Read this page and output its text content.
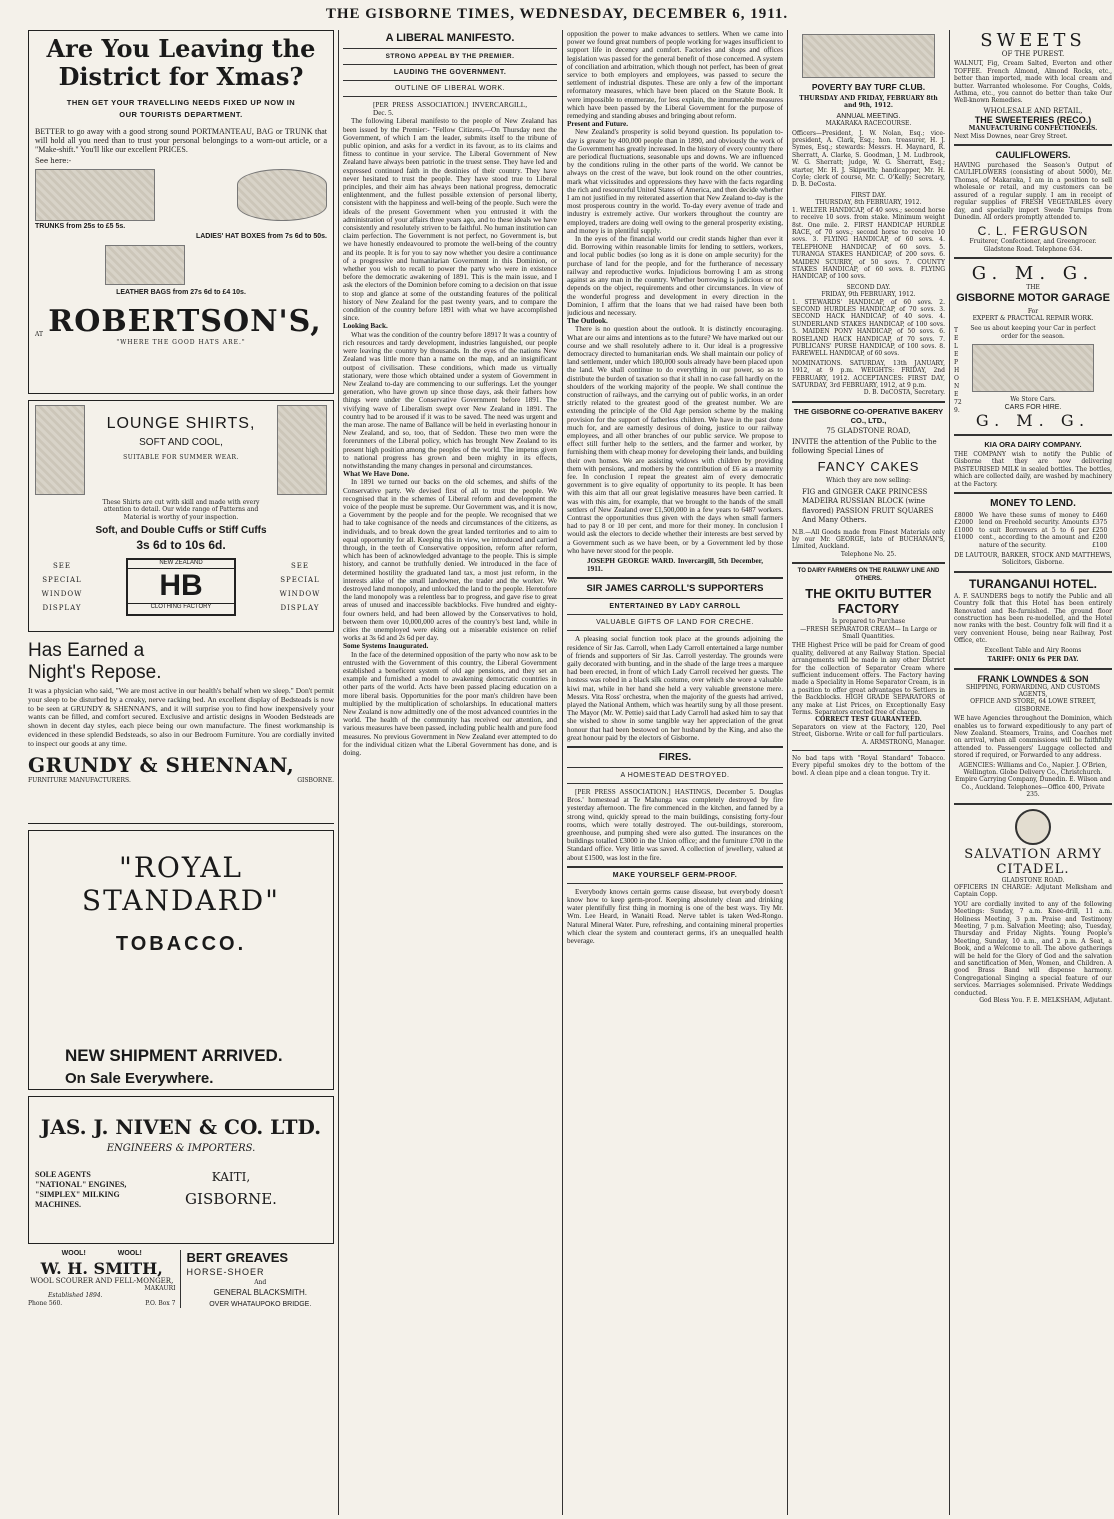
THE GISBORNE TIMES, WEDNESDAY, DECEMBER 6, 1911.
Are You Leaving the District for Xmas?
THEN GET YOUR TRAVELLING NEEDS FIXED UP NOW IN OUR TOURISTS DEPARTMENT.
BETTER to go away with a good strong sound PORTMANTEAU, BAG or TRUNK that will hold all you need than to trust your personal belongings to a worn-out article, or a "Make-shift." You'll like our excellent PRICES.
See here:-
TRUNKS from 25s to £5 5s.
LADIES' HAT BOXES from 7s 6d to 50s.
LEATHER BAGS from 27s 6d to £4 10s.
AT ROBERTSON'S,
"WHERE THE GOOD HATS ARE."
LOUNGE SHIRTS,
SOFT AND COOL,
SUITABLE FOR SUMMER WEAR.
These Shirts are cut with skill and made with every attention to detail. Our wide range of Patterns and Material is worthy of your inspection.
Soft, and Double Cuffs or Stiff Cuffs
3s 6d to 10s 6d.
SEE SPECIAL WINDOW DISPLAY
NEW ZEALAND
HB
CLOTHING FACTORY
SEE SPECIAL WINDOW DISPLAY
Has Earned a Night's Repose.
It was a physician who said, "We are most active in our health's behalf when we sleep." Don't permit your sleep to be disturbed by a creaky, nerve racking bed. An excellent display of Bedsteads is now to be seen at GRUNDY & SHENNAN'S, and it will surprise you to find how inexpensively your wants can be filled, and comfort secured. Exclusive and artistic designs in Wooden Bedsteads are shown in decent day styles, each piece being our own manufacture. The finest workmanship is evidenced in these splendid Bedsteads, so also in our Bedroom Furniture. You are cordially invited to inspect our goods at any time.
GRUNDY & SHENNAN,
FURNITURE MANUFACTURERS.	GISBORNE.
"ROYAL STANDARD"
TOBACCO.
NEW SHIPMENT ARRIVED.
On Sale Everywhere.
JAS. J. NIVEN & CO. LTD.
ENGINEERS & IMPORTERS.
SOLE AGENTS "NATIONAL" ENGINES, "SIMPLEX" MILKING MACHINES.
KAITI,
GISBORNE.
WOOL! WOOL!
W. H. SMITH,
WOOL SCOURER AND FELL-MONGER,
MAKAURI
Established 1894.
Phone 560.	P.O. Box 7
BERT GREAVES
HORSE-SHOER
And
GENERAL BLACKSMITH.
OVER WHATAUPOKO BRIDGE.
A LIBERAL MANIFESTO.
STRONG APPEAL BY THE PREMIER.
LAUDING THE GOVERNMENT.
OUTLINE OF LIBERAL WORK.
[PER PRESS ASSOCIATION.] INVERCARGILL, Dec. 5.
The following Liberal manifesto to the people of New Zealand has been issued by the Premier:- "Fellow Citizens,—On Thursday next the Government, of which I am the leader, submits itself to the tribune of public opinion, and asks for a verdict in its favour, as to its claims and fitness to continue in your service. The Liberal Government of New Zealand have always been patriotic in the truest sense. They have led and expressed continued faith in the destinies of their country. They have never hesitated to trust the people. They have stood true to Liberal principles, and their aim has always been national progress, democratic enlightenment, and the fullest possible extension of personal liberty, consistent with the happiness and well-being of the people. Such were the ideals of the present Government when you entrusted it with the administration of your affairs three years ago, and to these ideals we have consistently and resolutely striven to be faithful. No human institution can claim perfection. The Government is not perfect, no Government is, but we have honestly endeavoured to promote the well-being of the country and its people. It is for you to say now whether you desire a continuance of a progressive and humanitarian Government in this Dominion, or whether you wish to recall to power the party who were in existence before the democratic awakening of 1891. This is the main issue, and I ask the electors of the Dominion before coming to a decision on that issue to stop and glance at some of the outstanding features of the political history of New Zealand for the past twenty years, and to compare the condition of the country before 1891 with what we have accomplished since.
Looking Back.
What was the condition of the country before 1891? It was a country of rich resources and tardy development, industries languished, our people were leaving the country by thousands. In the eyes of the nations New Zealand was little more than a name on the map, and an insignificant outpost of civilisation. These conditions, which made us virtually stationary, were those which obtained under a system of Government in New Zealand to-day are commencing to our sufferings. Let the younger generation, who have grown up since those days, ask their fathers how things were under the Conservative Government before 1891. The vivifying wave of Liberalism swept over New Zealand in 1891. The country had to be aroused if it was to be saved. The need was urgent and the man arose. The name of Ballance will be held in everlasting honour in New Zealand, and so, too, that of Seddon. These two men were the forerunners of the Liberal policy, which has brought New Zealand to its present high position among the peoples of the world. The impetus given to national progress has grown and been mighty in its effects, notwithstanding the many changes in personal and circumstances.
What We Have Done.
In 1891 we turned our backs on the old schemes, and shifts of the Conservative party. We devised first of all to trust the people. We recognised that in the schemes of Liberal reform and development the voice of the people must be supreme. Our Government was, and it is now, a Government by the people and for the people. We recognised that we had to take cognisance of the needs and circumstances of the citizens, as individuals, and to break down the great landed territories and to aim to equal opportunity for all. Keeping this in view, we introduced and carried through, in the teeth of Conservative opposition, reform after reform, which has been of acknowledged advantage to the people. This is simple history, and cannot be truthfully denied. We introduced in the face of determined hostility the graduated land tax, a most just reform, in the interests alike of the small landowner, the trader and the worker. We destroyed land monopoly, and unlocked the land to the people. Heretofore the land monopoly was a relentless bar to progress, and gave rise to great areas of unused and inaccessible backblocks. Five hundred and eighty-four owners held, and had been allowed by the Conservatives to hold, between them over 10,000,000 acres of the country's best land, while in cities the unemployed were eking out a miserable existence on relief works at 3s 6d and 2s 6d per day.
Some Systems Inaugurated.
In the face of the determined opposition of the party who now ask to be entrusted with the Government of this country, the Liberal Government established a beneficent system of old age pensions, and they set an example and furnished a model to awakening democratic countries in other parts of the world. Acts have been passed placing education on a more liberal basis. Opportunities for the poor man's children have been multiplied by the multiplication of scholarships. In educational matters New Zealand is now admittedly one of the most advanced countries in the world. The health of the community has received our attention, and various measures have been passed, including public health and pure food measures. No previous Government in New Zealand ever attempted to do for the individual citizen what the Liberal Government has done, and is doing.
opposition the power to make advances to settlers. When we came into power we found great numbers of people working for wages insufficient to support life in decency and comfort. Factories and shops and offices legislation was passed for the general benefit of those concerned. A system of conciliation and arbitration, which though not perfect, has been of great service to both employers and employees, was passed to secure the settlement of industrial disputes. These are only a few of the important reformatory measures, which have been placed on the Statute Book. It were impossible to enumerate, for less explain, the innumerable measures which have been passed by the Liberal Government for the purpose of remedying and standing abuses and bringing about reform.
Present and Future.
New Zealand's prosperity is solid beyond question. Its population to-day is greater by 400,000 people than in 1890, and obviously the work of the Government has greatly increased. In the history of every country there are periodical fluctuations, seasonable ups and downs. We are influenced by the conditions ruling in the other parts of the world. We cannot be always on the crest of the wave, but look round on the other countries, mark what vicissitudes and oppressions they have with the facts regarding the rich and resourceful United States of America, and then decide whether I am not justified in my reiterated assertion that New Zealand to-day is the most prosperous country in the world. To-day every avenue of trade and industry is extremely active. Our workers throughout the country are employed, traders are doing well owing to the general prosperity existing, and money is in plentiful supply.
In the eyes of the financial world our credit stands higher than ever it did. Borrowing within reasonable limits for lending to settlers, workers, and local public bodies (so long as it is done on ample security) for the purchase of land for the people, and for the furtherance of necessary railway and reproductive works. Injudicious borrowing I am as strong against as any man in the country. Whether borrowing is judicious or not depends on the object, requirements and other circumstances. In view of the wonderful progress and development in every direction in the Dominion, I affirm that the loans that we had raised have been both judicious and necessary.
The Outlook.
There is no question about the outlook. It is distinctly encouraging. What are our aims and intentions as to the future? We have marked out our course and we shall resolutely adhere to it. Our ideal is a progressive democracy directed to humanitarian ends. We shall maintain our policy of land settlement, under which 180,000 souls already have been placed upon the land. We shall continue to do everything in our power, so as to distribute the burden of taxation so that it shall in no case fall hardly on the shoulders of the working majority of the people. We shall continue the construction of railways, and the carrying out of public works, in an order strictly related to the greatest good of the greatest number. We are extending the principle of the Old Age pension scheme by the making provision for the support of fatherless children. We have in the past done much for, and are earnestly desirous of doing, justice to our railway employees, and all other branches of our public service. We propose to effect still further help to the settlers, and the farmer and worker, by furnishing them with cheap money for developing their lands, and building their own homes. We are assisting widows with children by providing them with pensions, and mothers by the contribution of £6 as a maternity fee. In conclusion I repeat the greatest aim of every democratic government is to give equality of opportunity to its people. It has been with this aim that all our great legislative measures have been carried. It was with this aim, for example, that we brought to the hands of the small settlers of New Zealand over £1,500,000 in a few years to 6487 workers. Contrast the opportunities thus given with the days when small farmers had to pay 8 or 10 per cent, and more for their money. In conclusion I would ask the electors to decide whether their interests are best served by a Government such as we have been, or by a Government led by those who have never stood for the people.
JOSEPH GEORGE WARD. Invercargill, 5th December, 1911.
SIR JAMES CARROLL'S SUPPORTERS
ENTERTAINED BY LADY CARROLL
VALUABLE GIFTS OF LAND FOR CRECHE.
A pleasing social function took place at the grounds adjoining the residence of Sir Jas. Carroll, when Lady Carroll entertained a large number of friends and supporters of Sir Jas. Carroll yesterday. The grounds were gaily decorated with bunting, and in the shade of the large trees a marquee had been erected, in front of which Lady Carroll received her guests. The hostess was robed in a black silk costume, over which she wore a valuable kiwi mat, while in her hand she held a very valuable greenstone mere. Messrs. Vita Ross' orchestra, when the majority of the guests had arrived, played the National Anthem, which was heartily sung by all those present. The Mayor (Mr. W. Pettie) said that Lady Carroll had asked him to say that she wished to show in some tangible way her appreciation of the great honour that had been bestowed on her husband by the King, and also the great honour paid by the electors of Gisborne.
FIRES.
A HOMESTEAD DESTROYED.
[PER PRESS ASSOCIATION.] HASTINGS, December 5. Douglas Bros.' homestead at Te Mahunga was completely destroyed by fire yesterday afternoon. The fire commenced in the kitchen, and fanned by a strong wind, quickly spread to the main buildings, consisting forty-four rooms, which were totally destroyed. The out-buildings, storeroom, greenhouse, and pumping shed were also gutted. The insurances on the buildings totalled £3000 in the Union office; and the furniture £700 in the Standard office. Very little was saved. A collection of jewellery, valued at about £1500, was lost in the fire.
MAKE YOURSELF GERM-PROOF.
Everybody knows certain germs cause disease, but everybody doesn't know how to keep germ-proof. Keeping absolutely clean and drinking water plentifully first thing in morning is one of the best ways. Try Mr. Wm. Lee Heard, in Wanaiti Road. Nerve tablet is taken Wed-Rongo. Natural Mineral Water. Pure, refreshing, and containing mineral properties which clear the system and counteract germs, it's an unequalled health beverage.
POVERTY BAY TURF CLUB.
THURSDAY AND FRIDAY, FEBRUARY 8th and 9th, 1912.
ANNUAL MEETING.
MAKARAKA RACECOURSE.
Officers—President, J. W. Nolan, Esq.; vice-president, A. Clark, Esq.; hon. treasurer, H. J. Symes, Esq.; stewards: Messrs. H. Maynard, R. Sherratt, A. Clarke, S. Goodman, J. M. Ludbrook, W. G. Sherratt; judge, W. G. Sherratt, Esq.; starter, Mr. H. J. Skipwith; handicapper, Mr. H. Coyle; clerk of course, Mr. C. O'Kelly; Secretary, D. B. DeCosta.
FIRST DAY.
THURSDAY, 8th FEBRUARY, 1912.
1. WELTER HANDICAP, of 40 sovs.; second horse to receive 10 sovs. from stake. Minimum weight 8st. One mile. 2. FIRST HANDICAP HURDLE RACE, of 70 sovs.; second horse to receive 10 sovs. 3. FLYING HANDICAP, of 60 sovs. 4. TELEPHONE HANDICAP, of 60 sovs. 5. TURANGA STAKES HANDICAP, of 200 sovs. 6. MAIDEN SCURRY, of 50 sovs. 7. COUNTY STAKES HANDICAP, of 60 sovs. 8. FLYING HANDICAP, of 100 sovs.
SECOND DAY.
FRIDAY, 9th FEBRUARY, 1912.
1. STEWARDS' HANDICAP, of 60 sovs. 2. SECOND HURDLES HANDICAP, of 70 sovs. 3. SECOND HACK HANDICAP, of 40 sovs. 4. SUNDERLAND STAKES HANDICAP, of 100 sovs. 5. MAIDEN PONY HANDICAP, of 50 sovs. 6. ROSELAND HACK HANDICAP, of 70 sovs. 7. PUBLICANS' PURSE HANDICAP, of 100 sovs. 8. FAREWELL HANDICAP, of 60 sovs.
NOMINATIONS. SATURDAY, 13th JANUARY, 1912, at 9 p.m. WEIGHTS: FRIDAY, 2nd FEBRUARY, 1912. ACCEPTANCES: FIRST DAY, SATURDAY, 3rd FEBRUARY, 1912, at 9 p.m.
D. B. DeCOSTA, Secretary.
THE GISBORNE CO-OPERATIVE BAKERY CO., LTD.,
75 GLADSTONE ROAD,
INVITE the attention of the Public to the following Special Lines of
FANCY CAKES
Which they are now selling:
FIG and GINGER CAKE PRINCESS MADEIRA RUSSIAN BLOCK (wine flavored) PASSION FRUIT SQUARES And Many Others.
N.B.—All Goods made from Finest Materials only by our Mr. GEORGE, late of BUCHANAN'S, Limited, Auckland.
Telephone No. 25.
TO DAIRY FARMERS ON THE RAILWAY LINE AND OTHERS.
THE OKITU BUTTER FACTORY
Is prepared to Purchase
—FRESH SEPARATOR CREAM— In Large or Small Quantities.
THE Highest Price will be paid for Cream of good quality, delivered at any Railway Station. Special arrangements will be made in any other District for the collection of Separator Cream where sufficient inducement offers. The Factory having made a Speciality in Home Separator Cream, is in a position to offer great advantages to Settlers in the Backblocks. HIGH GRADE SEPARATORS of any make at List Prices, on Exceptionally Easy Terms. Separators erected free of charge.
CORRECT TEST GUARANTEED.
Separators on view at the Factory, 120, Peel Street, Gisborne. Write or call for full particulars.
A. ARMSTRONG, Manager.
No bad taps with "Royal Standard" Tobacco. Every pipeful smokes dry to the bottom of the bowl. A clean pipe and a clean tongue. Try it.
SWEETS
OF THE PUREST.
WALNUT, Fig, Cream Salted, Everton and other TOFFEE. French Almond, Almond Rocks, etc., better than imported, made with local cream and butter. Warranted wholesome. For Coughs, Colds, Asthma, etc., you cannot do better than take Our Well-known Remedies.
WHOLESALE AND RETAIL,
THE SWEETERIES (RECO.)
MANUFACTURING CONFECTIONERS.
Next Miss Downes, near Grey Street.
CAULIFLOWERS.
HAVING purchased the Season's Output of CAULIFLOWERS (consisting of about 5000), Mr. Thomas, of Makaraka, I am in a position to sell wholesale or retail, and my customers can be assured of a regular supply. I am in receipt of regular supplies of FRESH VEGETABLES every day, and specially import Swede Turnips from Dunedin. All orders promptly attended to.
C. L. FERGUSON
Fruiterer, Confectioner, and Greengrocer. Gladstone Road. Telephone 634.
G. M. G.
THE
GISBORNE MOTOR GARAGE
For
EXPERT & PRACTICAL REPAIR WORK.
See us about keeping your Car in perfect order for the season.
TELEPHONE 729.
We Store Cars.
CARS FOR HIRE.
G. M. G.
KIA ORA DAIRY COMPANY.
THE COMPANY wish to notify the Public of Gisborne that they are now delivering PASTEURISED MILK in sealed bottles. The bottles, which are collected daily, are washed by machinery at the Factory.
MONEY TO LEND.
£8000 £2000 £1000 £1000
We have these sums of money to lend on Freehold security. Amounts to suit Borrowers at 5 to 6 per cent., according to the amount and nature of the security.
£460 £375 £250 £200 £100
DE LAUTOUR, BARKER, STOCK AND MATTHEWS, Solicitors, Gisborne.
TURANGANUI HOTEL.
A. F. SAUNDERS begs to notify the Public and all Country folk that this Hotel has been entirely Renovated and Re-furnished. The ground floor construction has been re-modelled, and the Hotel now ranks with the best. Country folk will find it a very convenient House, being near Railway, Post Office, etc.
Excellent Table and Airy Rooms
TARIFF: ONLY 6s PER DAY.
FRANK LOWNDES & SON
SHIPPING, FORWARDING, AND CUSTOMS AGENTS,
OFFICE AND STORE, 64 LOWE STREET, GISBORNE.
WE have Agencies throughout the Dominion, which enables us to forward expeditiously to any part of New Zealand. Steamers, Trains, and Coaches met on arrival, when all commissions will be faithfully attended to. Passengers' Luggage collected and stored if required, or Forwarded to any address.
AGENCIES: Williams and Co., Napier. J. O'Brien, Wellington. Globe Delivery Co., Christchurch. Empire Carrying Company, Dunedin. E. Wilson and Co., Auckland. Telephones—Office 400, Private 235.
SALVATION ARMY CITADEL.
GLADSTONE ROAD.
OFFICERS IN CHARGE: Adjutant Melksham and Captain Copp.
YOU are cordially invited to any of the following Meetings: Sunday, 7 a.m. Knee-drill, 11 a.m. Holiness Meeting, 3 p.m. Praise and Testimony Meeting, 7 p.m. Salvation Meeting; also, Tuesday, Thursday and Friday Nights. Young People's Meeting, Sunday, 10 a.m., and 2 p.m. A Seat, a Book, and a Welcome to all. The above gatherings will be held for the Glory of God and the salvation and sanctification of Men, Women, and Children. A good Brass Band will dispense harmony. Congregational Singing a special feature of our services. Marriages solemnised. Private Weddings conducted.
God Bless You. F. E. MELKSHAM, Adjutant.
